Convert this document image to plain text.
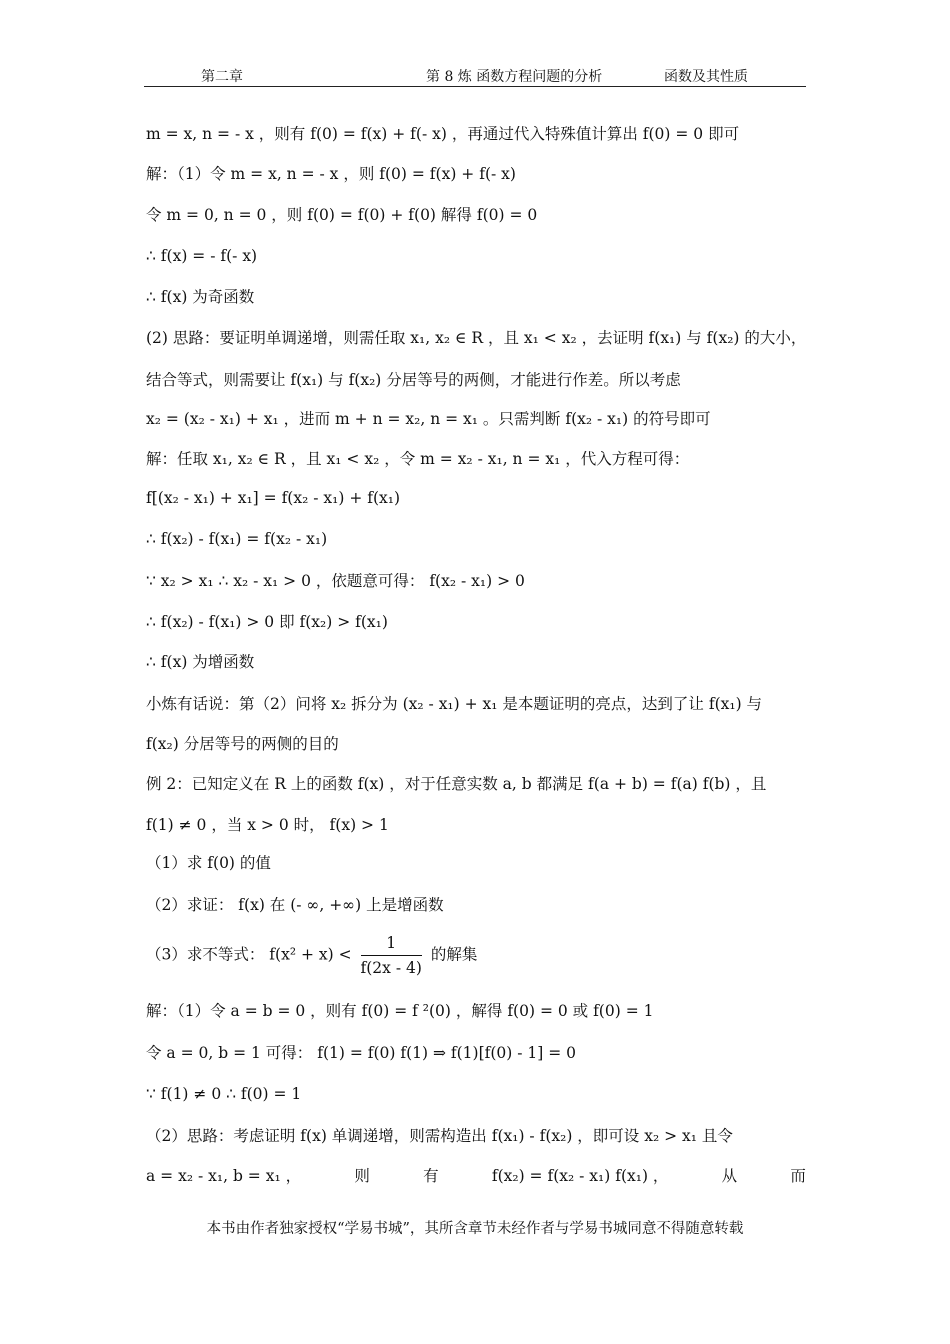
第二章	第 8 炼 函数方程问题的分析	函数及其性质
m = x, n = - x ，则有 f(0) = f(x) + f(- x) ，再通过代入特殊值计算出 f(0) = 0 即可
解：（1）令 m = x, n = - x ，则 f(0) = f(x) + f(- x)
令 m = 0, n = 0 ，则 f(0) = f(0) + f(0) 解得 f(0) = 0
∴ f(x) = - f(- x)
∴ f(x) 为奇函数
(2) 思路：要证明单调递增，则需任取 x₁, x₂ ∈ R ，且 x₁ < x₂ ，去证明 f(x₁) 与 f(x₂) 的大小，
结合等式，则需要让 f(x₁) 与 f(x₂) 分居等号的两侧，才能进行作差。所以考虑
x₂ = (x₂ - x₁) + x₁ ，进而 m + n = x₂, n = x₁ 。只需判断 f(x₂ - x₁) 的符号即可
解：任取 x₁, x₂ ∈ R ，且 x₁ < x₂ ，令 m = x₂ - x₁, n = x₁ ，代入方程可得：
f[(x₂ - x₁) + x₁] = f(x₂ - x₁) + f(x₁)
∴ f(x₂) - f(x₁) = f(x₂ - x₁)
∵ x₂ > x₁ ∴ x₂ - x₁ > 0 ，依题意可得： f(x₂ - x₁) > 0
∴ f(x₂) - f(x₁) > 0 即 f(x₂) > f(x₁)
∴ f(x) 为增函数
小炼有话说：第（2）问将 x₂ 拆分为 (x₂ - x₁) + x₁ 是本题证明的亮点，达到了让 f(x₁) 与
f(x₂) 分居等号的两侧的目的
例 2：已知定义在 R 上的函数 f(x) ，对于任意实数 a, b 都满足 f(a + b) = f(a) f(b) ，且
f(1) ≠ 0 ，当 x > 0 时， f(x) > 1
（1）求 f(0) 的值
（2）求证： f(x) 在 (- ∞, +∞) 上是增函数
（3）求不等式： $f(x^2 + x) < \frac{1}{f(2x - 4)}$ 的解集
解：（1）令 a = b = 0 ，则有 f(0) = f ²(0) ，解得 f(0) = 0 或 f(0) = 1
令 a = 0, b = 1 可得： f(1) = f(0) f(1) ⇒ f(1)[f(0) - 1] = 0
∵ f(1) ≠ 0 ∴ f(0) = 1
（2）思路：考虑证明 f(x) 单调递增，则需构造出 f(x₁) - f(x₂) ，即可设 x₂ > x₁ 且令
a = x₂ - x₁, b = x₁ ，	则	有	f(x₂) = f(x₂ - x₁) f(x₁) ，	从	而
本书由作者独家授权“学易书城”，其所含章节未经作者与学易书城同意不得随意转载
